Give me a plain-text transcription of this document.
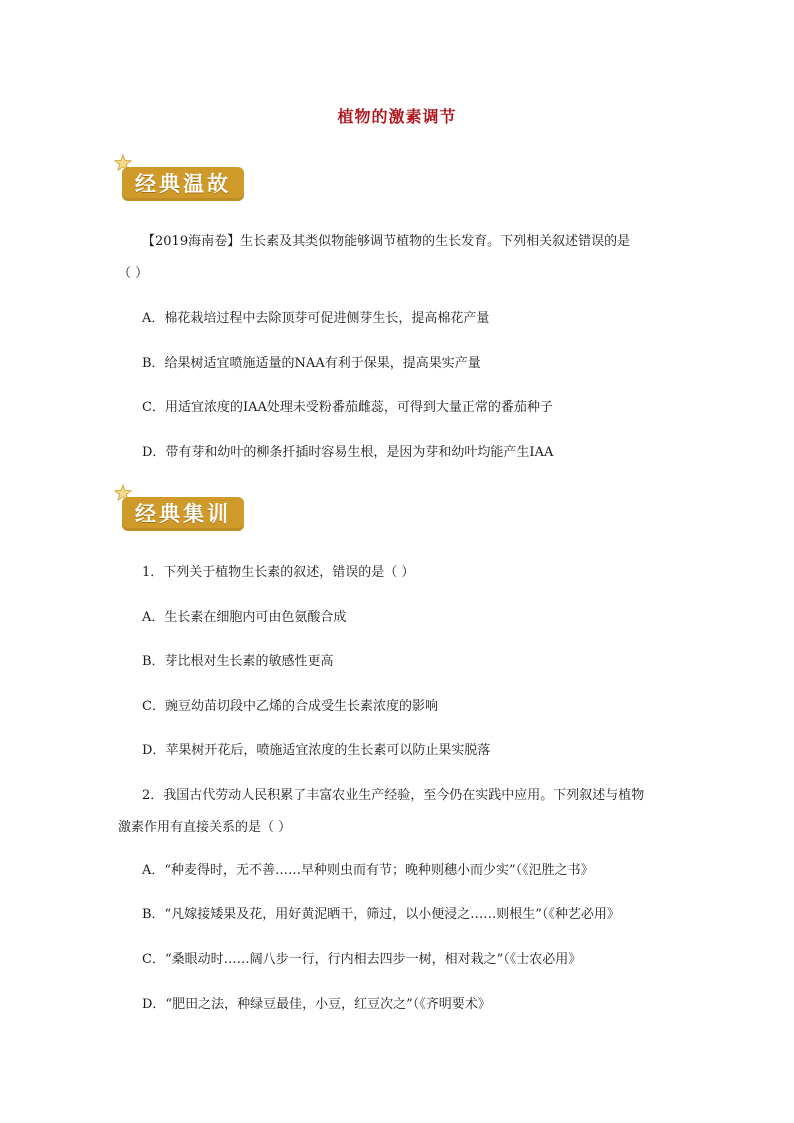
植物的激素调节
经典温故
【2019海南卷】生长素及其类似物能够调节植物的生长发育。下列相关叙述错误的是
（ ）
A．棉花栽培过程中去除顶芽可促进侧芽生长，提高棉花产量
B．给果树适宜喷施适量的NAA有利于保果，提高果实产量
C．用适宜浓度的IAA处理未受粉番茄雌蕊，可得到大量正常的番茄种子
D．带有芽和幼叶的柳条扦插时容易生根，是因为芽和幼叶均能产生IAA
经典集训
1．下列关于植物生长素的叙述，错误的是（ ）
A．生长素在细胞内可由色氨酸合成
B．芽比根对生长素的敏感性更高
C．豌豆幼苗切段中乙烯的合成受生长素浓度的影响
D．苹果树开花后，喷施适宜浓度的生长素可以防止果实脱落
2．我国古代劳动人民积累了丰富农业生产经验，至今仍在实践中应用。下列叙述与植物
激素作用有直接关系的是（ ）
A．“种麦得时，无不善……早种则虫而有节；晚种则穗小而少实”（《氾胜之书》
B．“凡嫁接矮果及花，用好黄泥晒干，筛过，以小便浸之……则根生”（《种艺必用》
C．“桑眼动时……阔八步一行，行内相去四步一树，相对栽之”（《士农必用》
D．“肥田之法，种绿豆最佳，小豆，红豆次之”（《齐明要术》
